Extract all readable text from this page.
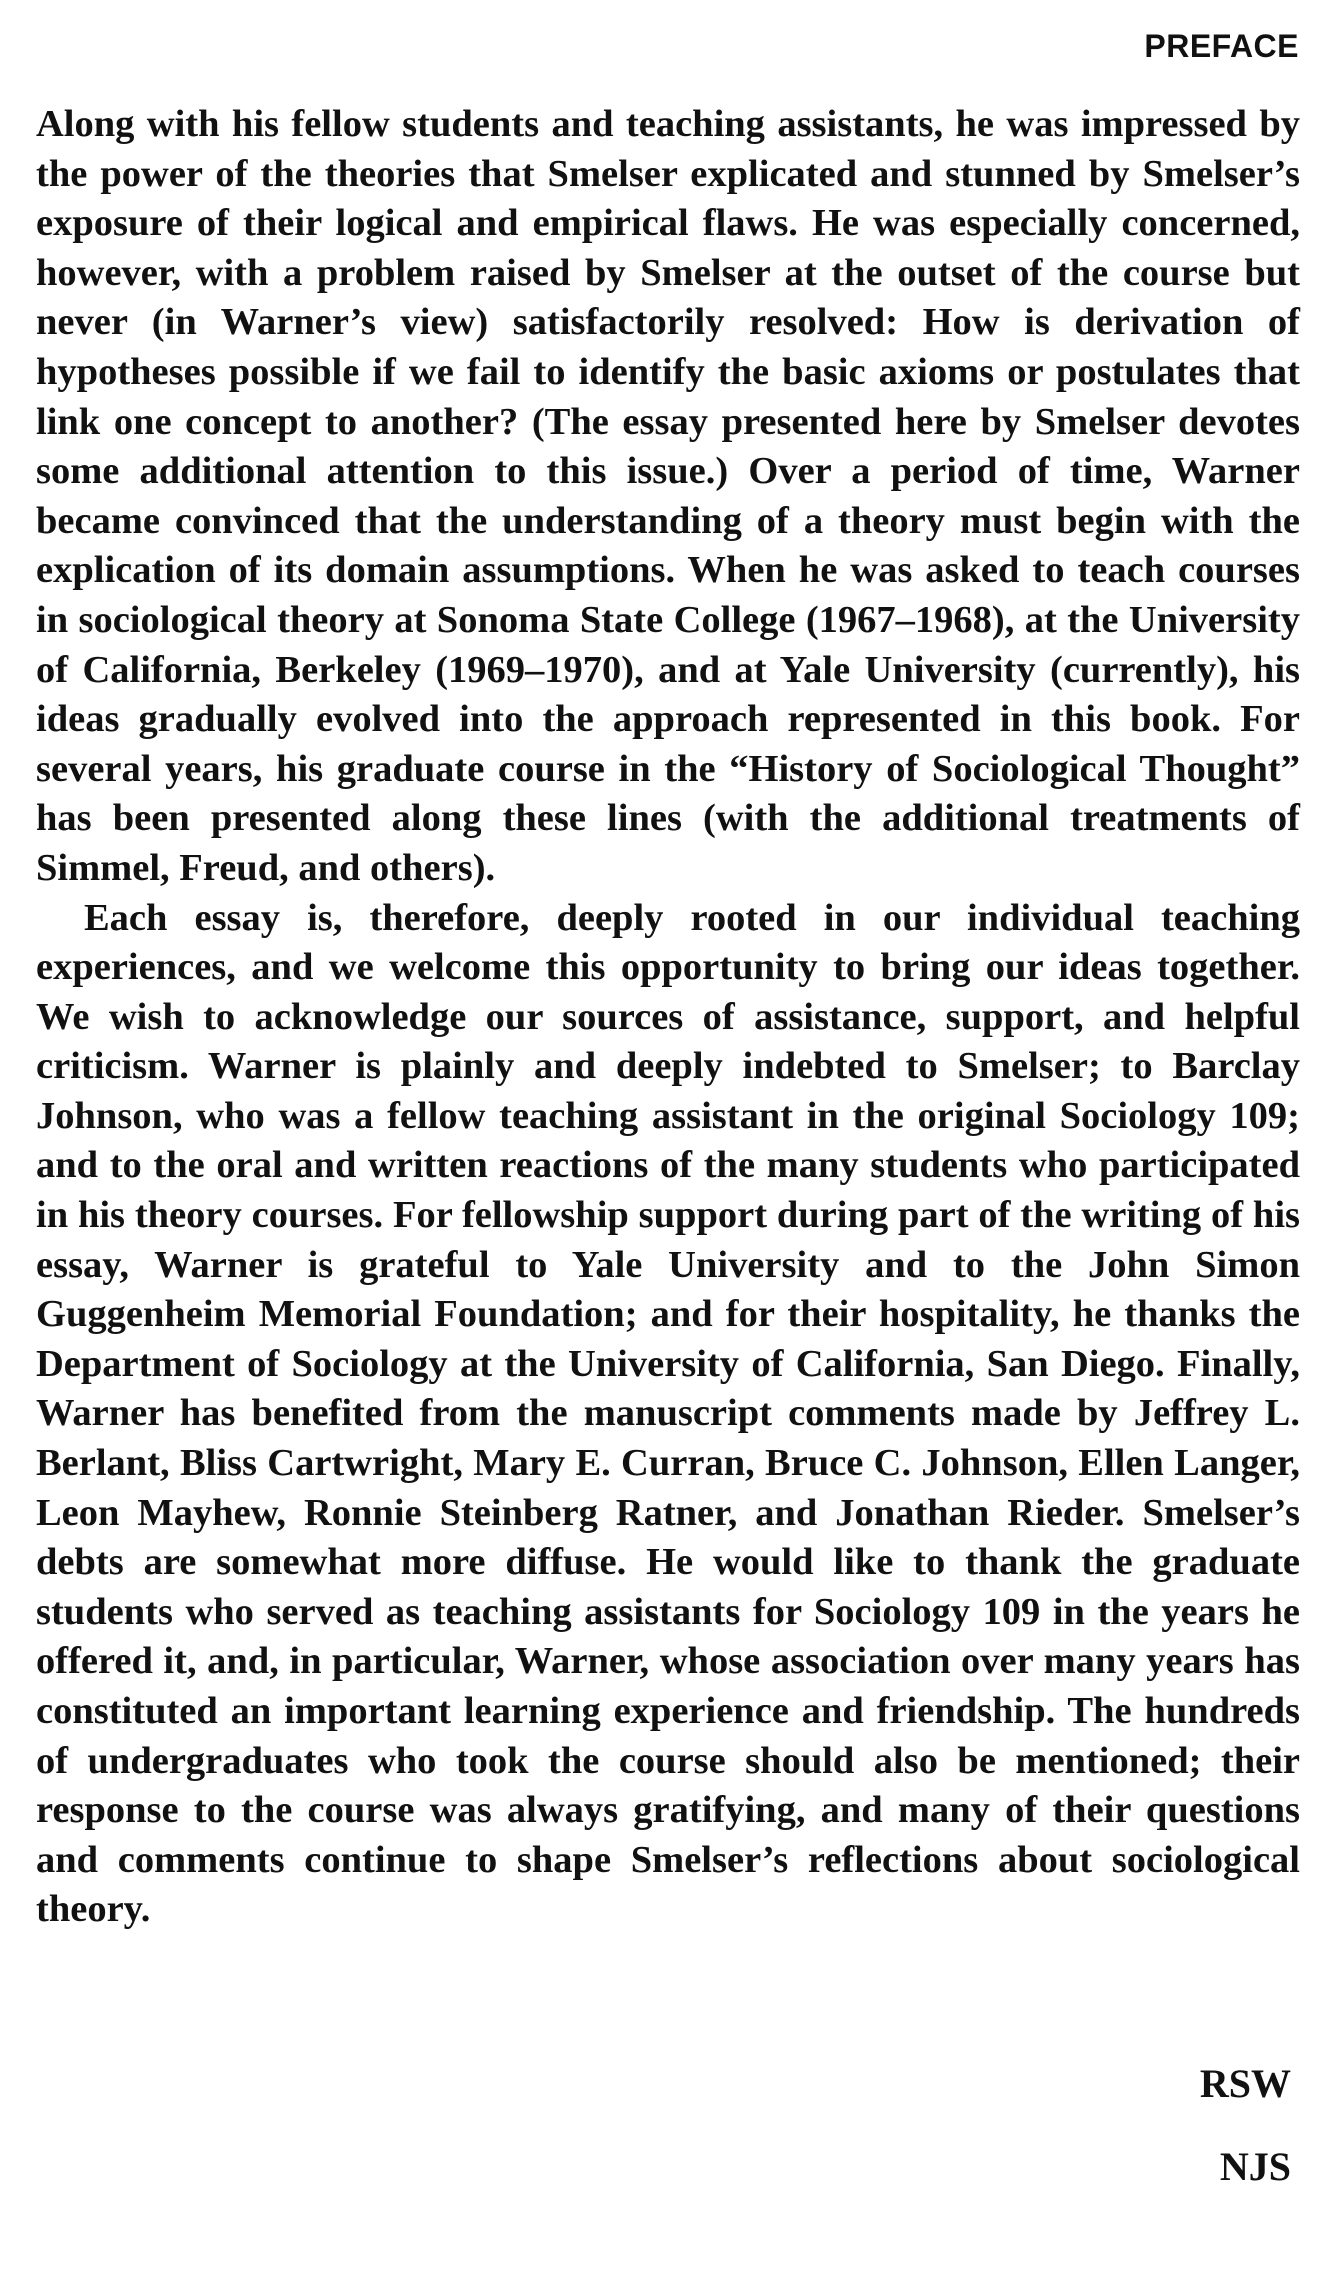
PREFACE

Along with his fellow students and teaching assistants, he was impressed by the power of the theories that Smelser explicated and stunned by Smelser’s exposure of their logical and empirical flaws. He was especially concerned, however, with a problem raised by Smelser at the outset of the course but never (in Warner’s view) satisfactorily resolved: How is derivation of hypotheses possible if we fail to identify the basic axioms or postulates that link one concept to another? (The essay presented here by Smelser devotes some additional attention to this issue.) Over a period of time, Warner became convinced that the understanding of a theory must begin with the explication of its domain assumptions. When he was asked to teach courses in sociological theory at Sonoma State College (1967–1968), at the University of California, Berkeley (1969–1970), and at Yale University (currently), his ideas gradually evolved into the approach represented in this book. For several years, his graduate course in the “History of Sociological Thought” has been presented along these lines (with the additional treatments of Simmel, Freud, and others).

Each essay is, therefore, deeply rooted in our individual teaching experiences, and we welcome this opportunity to bring our ideas together. We wish to acknowledge our sources of assistance, support, and helpful criticism. Warner is plainly and deeply indebted to Smelser; to Barclay Johnson, who was a fellow teaching assistant in the original Sociology 109; and to the oral and written reactions of the many students who participated in his theory courses. For fellowship support during part of the writing of his essay, Warner is grateful to Yale University and to the John Simon Guggenheim Memorial Foundation; and for their hospitality, he thanks the Department of Sociology at the University of California, San Diego. Finally, Warner has benefited from the manuscript comments made by Jeffrey L. Berlant, Bliss Cartwright, Mary E. Curran, Bruce C. Johnson, Ellen Langer, Leon Mayhew, Ronnie Steinberg Ratner, and Jonathan Rieder. Smelser’s debts are somewhat more diffuse. He would like to thank the graduate students who served as teaching assistants for Sociology 109 in the years he offered it, and, in particular, Warner, whose association over many years has constituted an important learning experience and friendship. The hundreds of undergraduates who took the course should also be mentioned; their response to the course was always gratifying, and many of their questions and comments continue to shape Smelser’s reflections about sociological theory.

RSW
NJS
